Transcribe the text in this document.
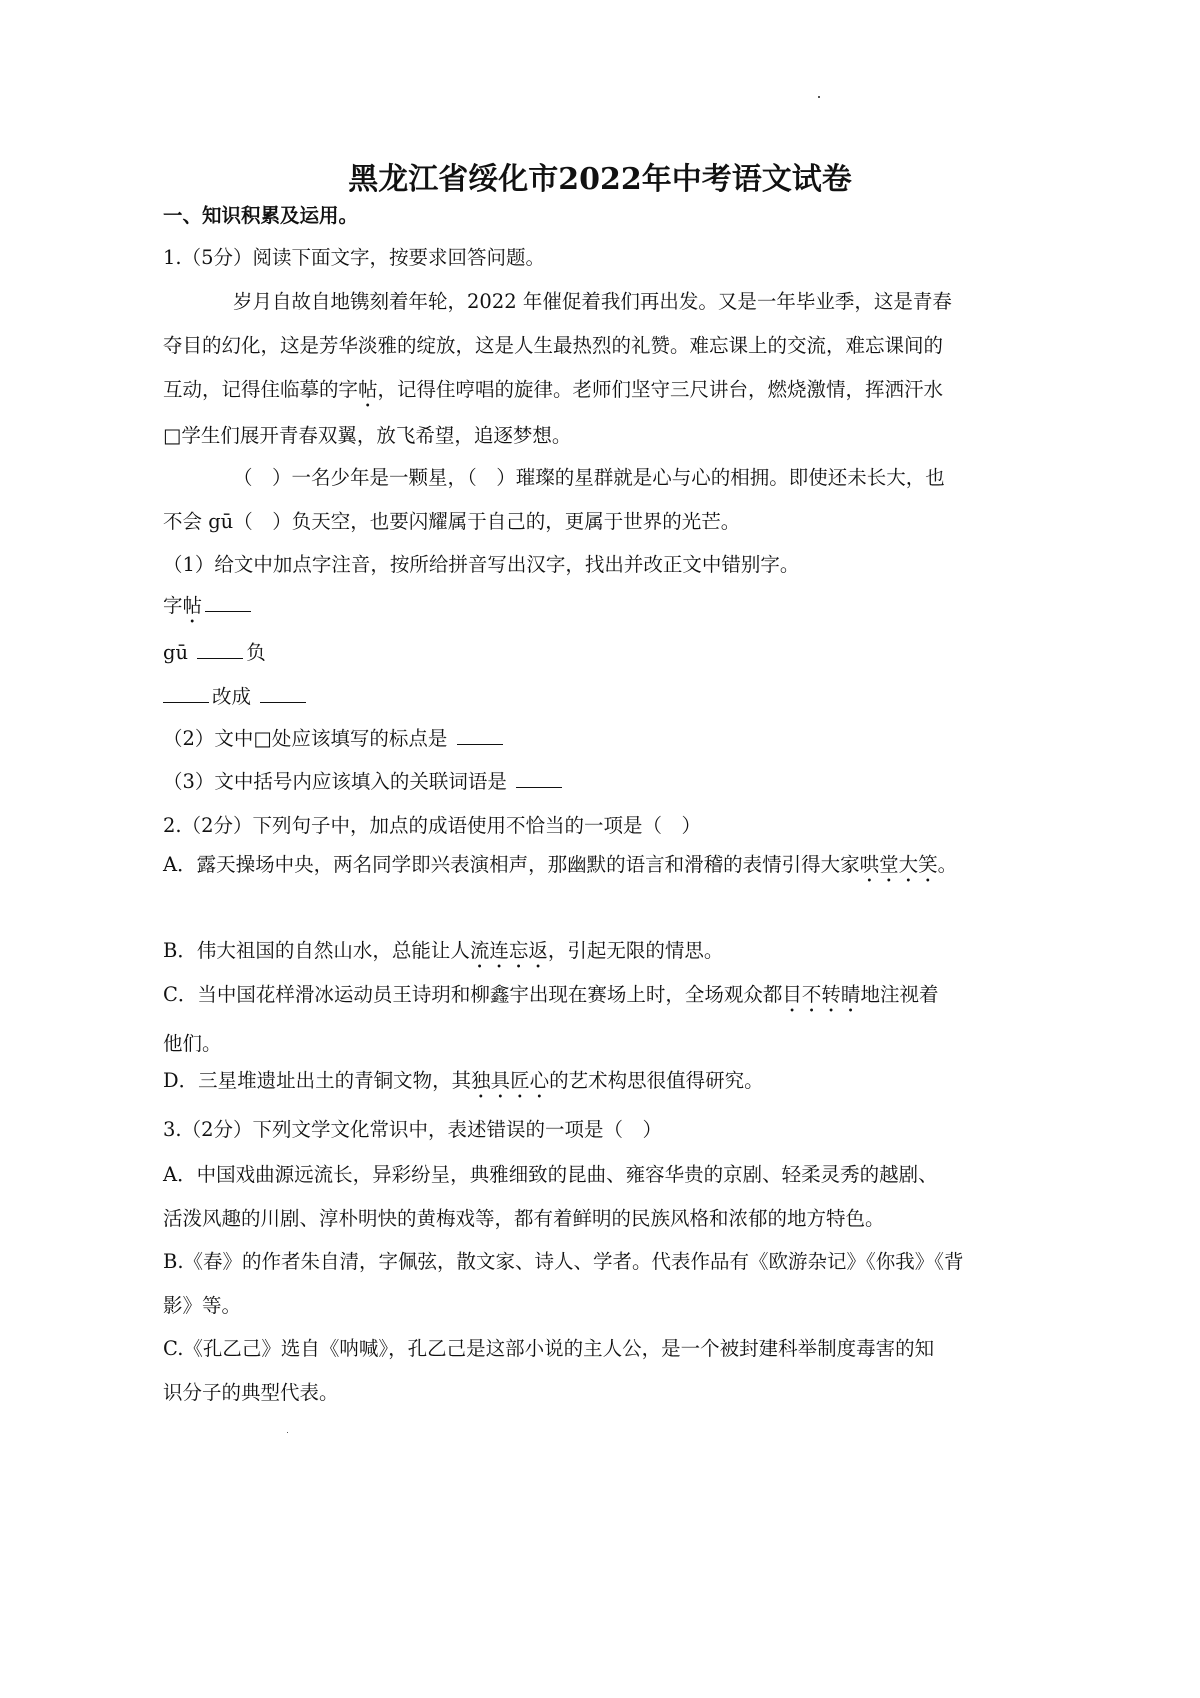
黑龙江省绥化市2022年中考语文试卷
一、知识积累及运用。
1.（5分）阅读下面文字，按要求回答问题。
岁月自故自地镌刻着年轮，2022 年催促着我们再出发。又是一年毕业季，这是青春
夺目的幻化，这是芳华淡雅的绽放，这是人生最热烈的礼赞。难忘课上的交流，难忘课间的
互动，记得住临摹的字帖，记得住哼唱的旋律。老师们坚守三尺讲台，燃烧激情，挥洒汗水
□学生们展开青春双翼，放飞希望，追逐梦想。
（　）一名少年是一颗星，（　）璀璨的星群就是心与心的相拥。即使还未长大，也
不会 gū（　）负天空，也要闪耀属于自己的，更属于世界的光芒。
（1）给文中加点字注音，按所给拼音写出汉字，找出并改正文中错别字。
字帖
gū	负
改成
（2）文中□处应该填写的标点是
（3）文中括号内应该填入的关联词语是
2.（2分）下列句子中，加点的成语使用不恰当的一项是（　）
A．露天操场中央，两名同学即兴表演相声，那幽默的语言和滑稽的表情引得大家哄堂大笑。
B．伟大祖国的自然山水，总能让人流连忘返，引起无限的情思。
C．当中国花样滑冰运动员王诗玥和柳鑫宇出现在赛场上时，全场观众都目不转睛地注视着
他们。
D．三星堆遗址出土的青铜文物，其独具匠心的艺术构思很值得研究。
3.（2分）下列文学文化常识中，表述错误的一项是（　）
A．中国戏曲源远流长，异彩纷呈，典雅细致的昆曲、雍容华贵的京剧、轻柔灵秀的越剧、
活泼风趣的川剧、淳朴明快的黄梅戏等，都有着鲜明的民族风格和浓郁的地方特色。
B.《春》的作者朱自清，字佩弦，散文家、诗人、学者。代表作品有《欧游杂记》《你我》《背
影》等。
C.《孔乙己》选自《呐喊》，孔乙己是这部小说的主人公，是一个被封建科举制度毒害的知
识分子的典型代表。
